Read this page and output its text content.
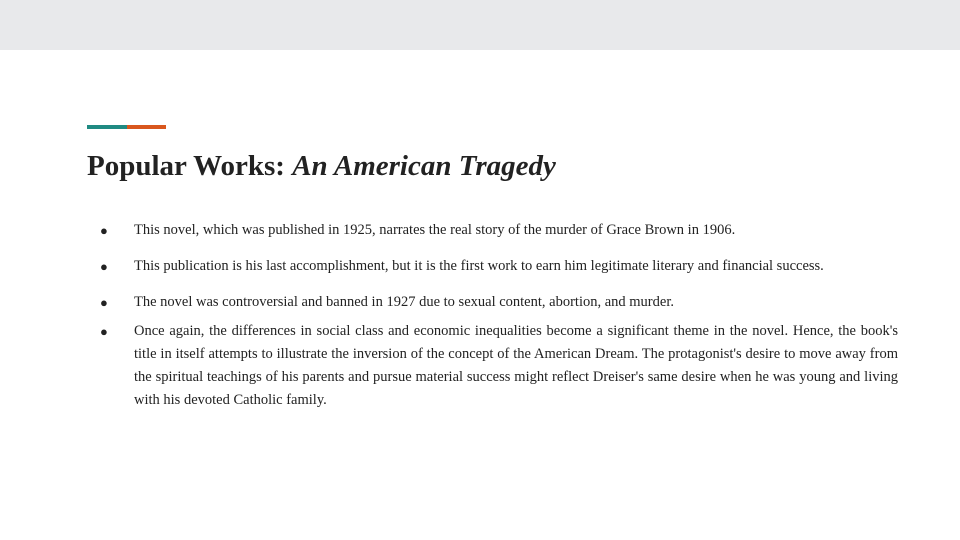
Popular Works: An American Tragedy
● This novel, which was published in 1925, narrates the real story of the murder of Grace Brown in 1906.
● This publication is his last accomplishment, but it is the first work to earn him legitimate literary and financial success.
● The novel was controversial and banned in 1927 due to sexual content, abortion, and murder.
● Once again, the differences in social class and economic inequalities become a significant theme in the novel. Hence, the book's title in itself attempts to illustrate the inversion of the concept of the American Dream. The protagonist's desire to move away from the spiritual teachings of his parents and pursue material success might reflect Dreiser's same desire when he was young and living with his devoted Catholic family.
